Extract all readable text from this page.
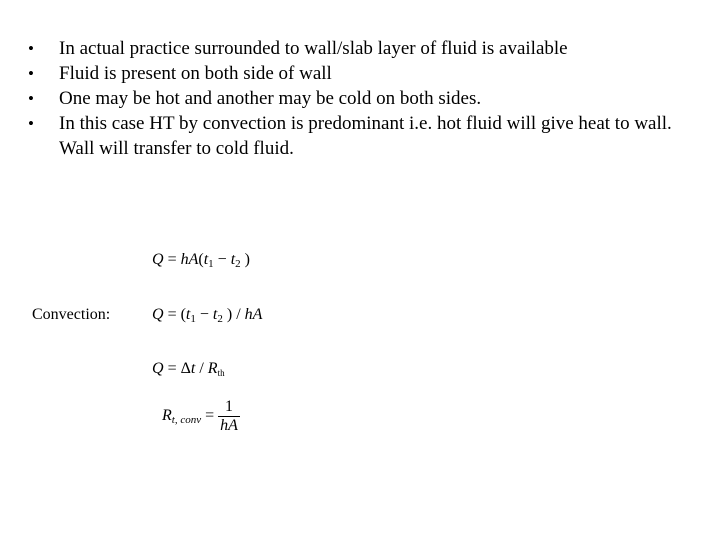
• In actual practice surrounded to wall/slab layer of fluid is available
• Fluid is present on both side of wall
• One may be hot and another may be cold on both sides.
• In this case HT by convection is predominant i.e. hot fluid will give heat to wall. Wall will transfer to cold fluid.
Convection:
$Q = hA(t_1 - t_2$ )
$Q = (t_1 - t_2$ ) / hA
$Q = \Delta t / R_{th}$
$R_{t, conv} = \frac{1}{hA}$
